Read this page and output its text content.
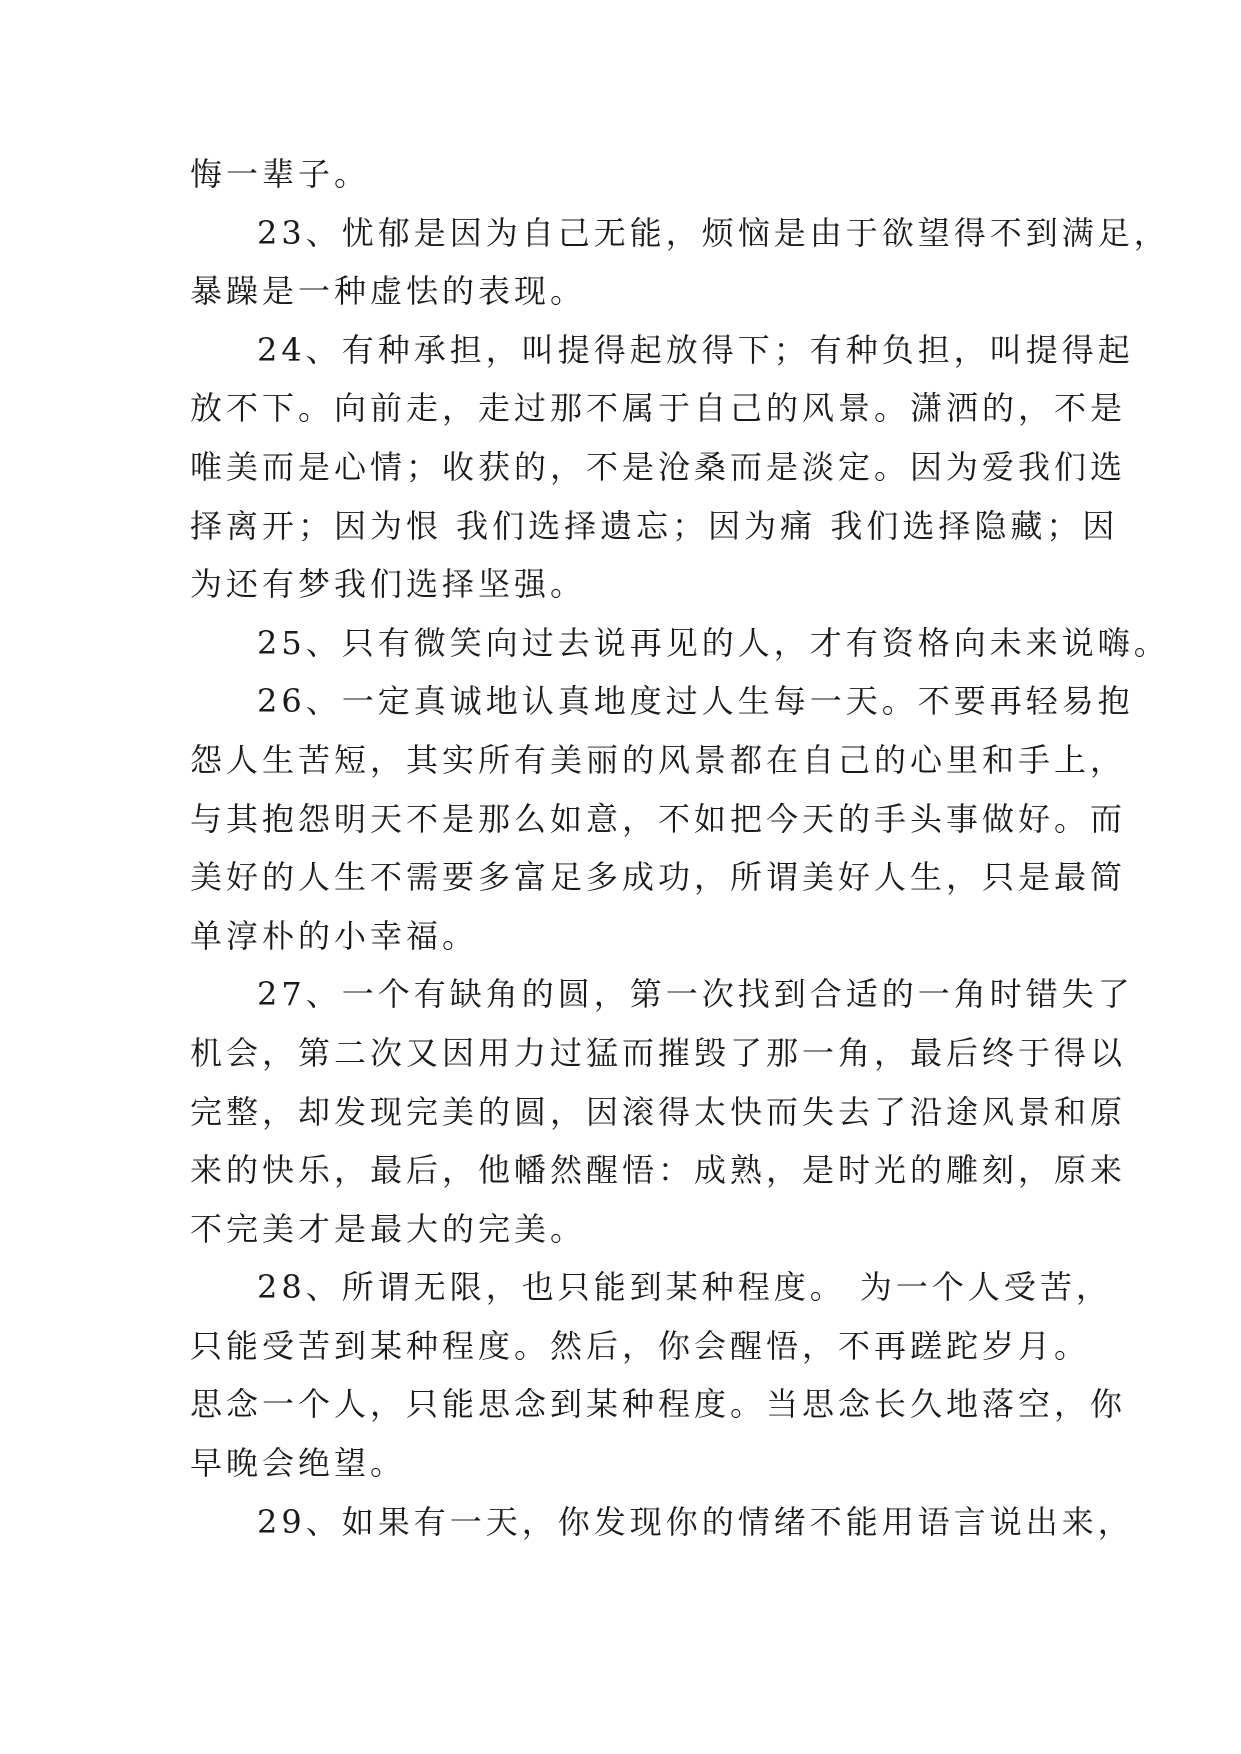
悔一辈子。
23、忧郁是因为自己无能，烦恼是由于欲望得不到满足，
暴躁是一种虚怯的表现。
24、有种承担，叫提得起放得下；有种负担，叫提得起
放不下。向前走，走过那不属于自己的风景。潇洒的，不是
唯美而是心情；收获的，不是沧桑而是淡定。因为爱我们选
择离开；因为恨 我们选择遗忘；因为痛 我们选择隐藏；因
为还有梦我们选择坚强。
25、只有微笑向过去说再见的人，才有资格向未来说嗨。
26、一定真诚地认真地度过人生每一天。不要再轻易抱
怨人生苦短，其实所有美丽的风景都在自己的心里和手上，
与其抱怨明天不是那么如意，不如把今天的手头事做好。而
美好的人生不需要多富足多成功，所谓美好人生，只是最简
单淳朴的小幸福。
27、一个有缺角的圆，第一次找到合适的一角时错失了
机会，第二次又因用力过猛而摧毁了那一角，最后终于得以
完整，却发现完美的圆，因滚得太快而失去了沿途风景和原
来的快乐，最后，他幡然醒悟：成熟，是时光的雕刻，原来
不完美才是最大的完美。
28、所谓无限，也只能到某种程度。 为一个人受苦，
只能受苦到某种程度。然后，你会醒悟，不再蹉跎岁月。
思念一个人，只能思念到某种程度。当思念长久地落空，你
早晚会绝望。
29、如果有一天，你发现你的情绪不能用语言说出来，
